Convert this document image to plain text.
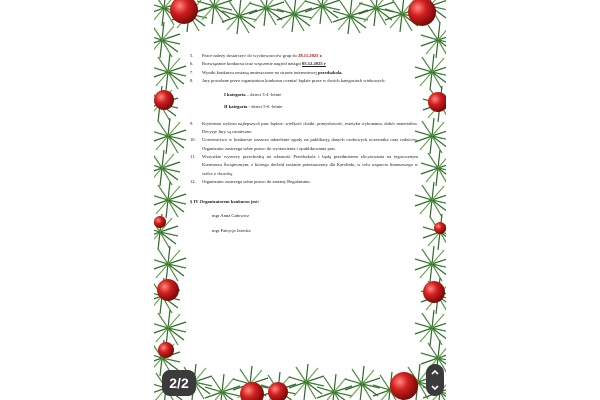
5.	Prace należy dostarczyć do wychowawców grup do 28.11.2025 r.
6.	Rozwiązanie konkursu oraz wręczenie nagród nastąpi 05.12.2025 r
7.	Wyniki konkursu zostaną umieszczone na stronie internetowej przedszkola.
8.	Jury powołane przez organizatora konkursu oceniać będzie prace w dwóch kategoriach wiekowych:
I kategoria – dzieci 3-4 -letnie
II kategoria - dzieci 5-6 -letnie
9.	Kryterium wyboru najlepszych prac będzie: wielkość chatki, pomysłowość, estetyka wykonania, dobór materiałów. Decyzje Jury są ostateczne.
10.	Uczestnictwo w konkursie oznacza udzielenie zgody na publikację danych osobowych uczestnika oraz rodziców. Organizator zastrzega sobie prawo do wystawienia i opublikowania prac.
11.	Wszystkie wytwory przechodzą na własność Przedszkola i będą przedmiotem zlicytowania na tegorocznym Kiermaszu Świątecznym, z którego dochód zostanie przeznaczony dla Karolinki, w celu wsparcia finansowego w walce z chorobą.
12.	Organizator zastrzega sobie prawo do zmiany Regulaminu.
§ IV Organizatorem konkursu jest:
mgr Anna Gałowicz
mgr Patrycja Jarecka
2/2
